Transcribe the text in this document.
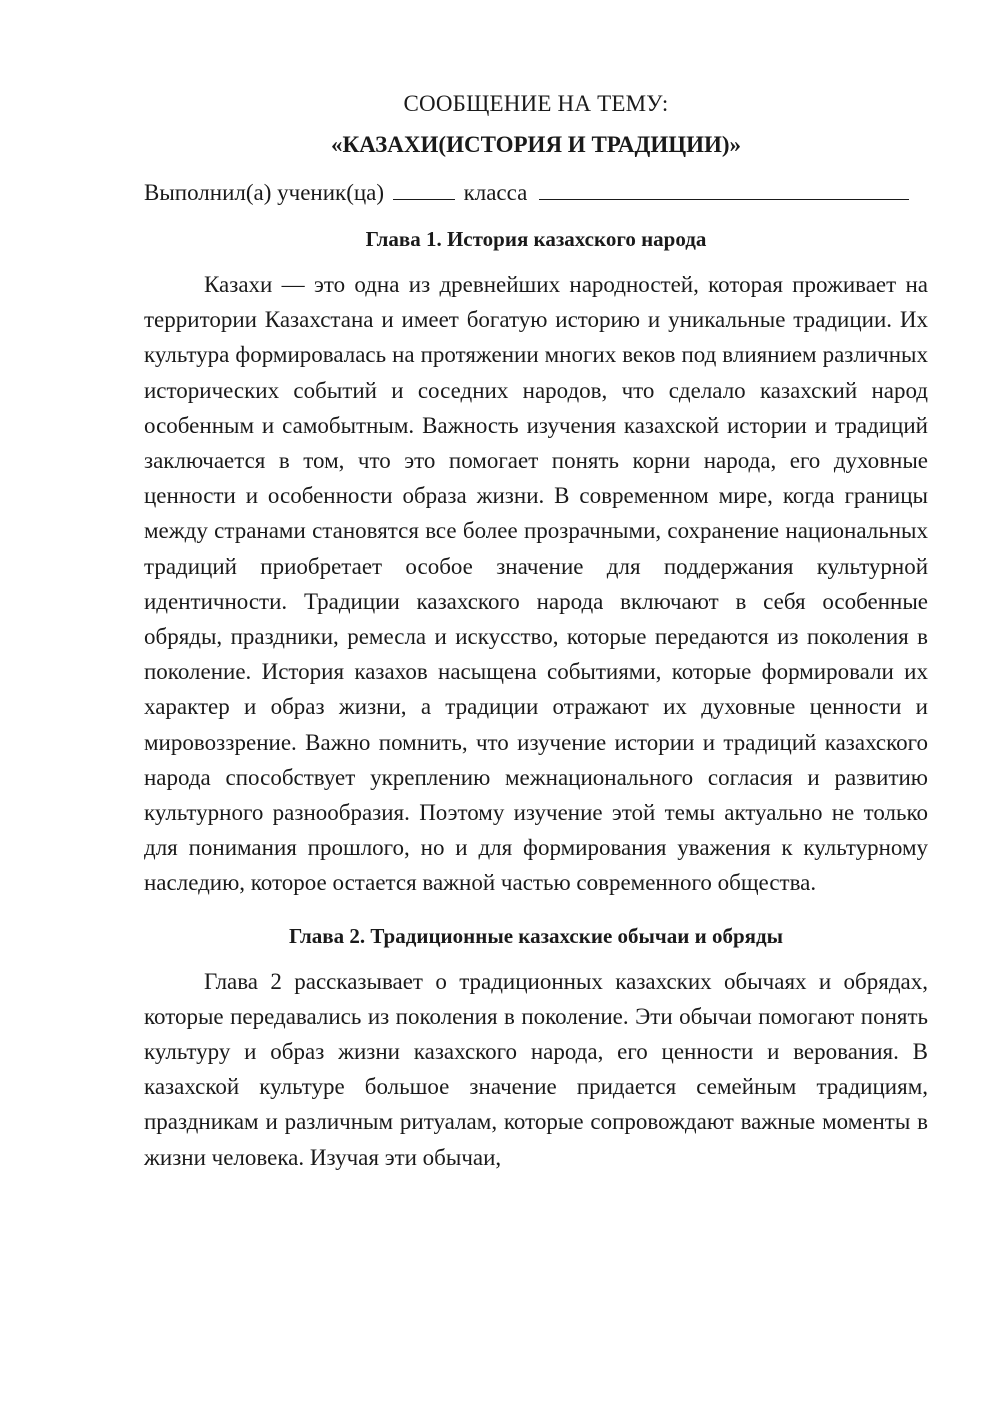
СООБЩЕНИЕ НА ТЕМУ:

«КАЗАХИ(ИСТОРИЯ И ТРАДИЦИИ)»

Выполнил(а) ученик(ца)	класса
Глава 1. История казахского народа

Казахи — это одна из древнейших народностей, которая проживает на территории Казахстана и имеет богатую историю и уникальные традиции. Их культура формировалась на протяжении многих веков под влиянием различных исторических событий и соседних народов, что сделало казахский народ особенным и самобытным. Важность изучения казахской истории и традиций заключается в том, что это помогает понять корни народа, его духовные ценности и особенности образа жизни. В современном мире, когда границы между странами становятся все более прозрачными, сохранение национальных традиций приобретает особое значение для поддержания культурной идентичности. Традиции казахского народа включают в себя особенные обряды, праздники, ремесла и искусство, которые передаются из поколения в поколение. История казахов насыщена событиями, которые формировали их характер и образ жизни, а традиции отражают их духовные ценности и мировоззрение. Важно помнить, что изучение истории и традиций казахского народа способствует укреплению межнационального согласия и развитию культурного разнообразия. Поэтому изучение этой темы актуально не только для понимания прошлого, но и для формирования уважения к культурному наследию, которое остается важной частью современного общества.

Глава 2. Традиционные казахские обычаи и обряды

Глава 2 рассказывает о традиционных казахских обычаях и обрядах, которые передавались из поколения в поколение. Эти обычаи помогают понять культуру и образ жизни казахского народа, его ценности и верования. В казахской культуре большое значение придается семейным традициям, праздникам и различным ритуалам, которые сопровождают важные моменты в жизни человека. Изучая эти обычаи,
